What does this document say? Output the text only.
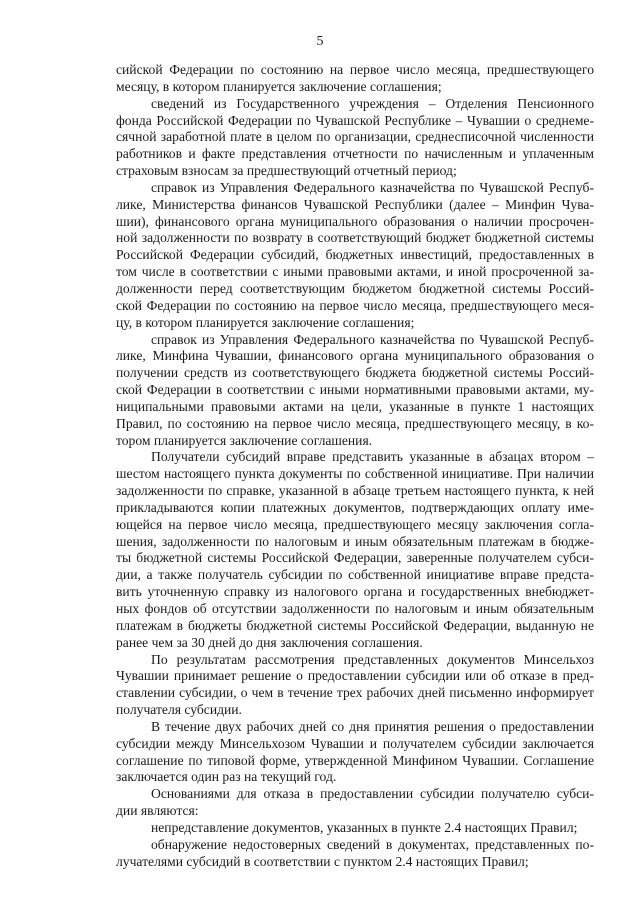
5
сийской Федерации по состоянию на первое число месяца, предшествующего
месяцу, в котором планируется заключение соглашения;
сведений из Государственного учреждения – Отделения Пенсионного
фонда Российской Федерации по Чувашской Республике – Чувашии о среднеме-
сячной заработной плате в целом по организации, среднесписочной численности
работников и факте представления отчетности по начисленным и уплаченным
страховым взносам за предшествующий отчетный период;
справок из Управления Федерального казначейства по Чувашской Респуб-
лике, Министерства финансов Чувашской Республики (далее – Минфин Чува-
шии), финансового органа муниципального образования о наличии просрочен-
ной задолженности по возврату в соответствующий бюджет бюджетной системы
Российской Федерации субсидий, бюджетных инвестиций, предоставленных в
том числе в соответствии с иными правовыми актами, и иной просроченной за-
долженности перед соответствующим бюджетом бюджетной системы Россий-
ской Федерации по состоянию на первое число месяца, предшествующего меся-
цу, в котором планируется заключение соглашения;
справок из Управления Федерального казначейства по Чувашской Респуб-
лике, Минфина Чувашии, финансового органа муниципального образования о
получении средств из соответствующего бюджета бюджетной системы Россий-
ской Федерации в соответствии с иными нормативными правовыми актами, му-
ниципальными правовыми актами на цели, указанные в пункте 1 настоящих
Правил, по состоянию на первое число месяца, предшествующего месяцу, в ко-
тором планируется заключение соглашения.
Получатели субсидий вправе представить указанные в абзацах втором –
шестом настоящего пункта документы по собственной инициативе. При наличии
задолженности по справке, указанной в абзаце третьем настоящего пункта, к ней
прикладываются копии платежных документов, подтверждающих оплату име-
ющейся на первое число месяца, предшествующего месяцу заключения согла-
шения, задолженности по налоговым и иным обязательным платежам в бюдже-
ты бюджетной системы Российской Федерации, заверенные получателем субси-
дии, а также получатель субсидии по собственной инициативе вправе предста-
вить уточненную справку из налогового органа и государственных внебюджет-
ных фондов об отсутствии задолженности по налоговым и иным обязательным
платежам в бюджеты бюджетной системы Российской Федерации, выданную не
ранее чем за 30 дней до дня заключения соглашения.
По результатам рассмотрения представленных документов Минсельхоз
Чувашии принимает решение о предоставлении субсидии или об отказе в пред-
ставлении субсидии, о чем в течение трех рабочих дней письменно информирует
получателя субсидии.
В течение двух рабочих дней со дня принятия решения о предоставлении
субсидии между Минсельхозом Чувашии и получателем субсидии заключается
соглашение по типовой форме, утвержденной Минфином Чувашии. Соглашение
заключается один раз на текущий год.
Основаниями для отказа в предоставлении субсидии получателю субси-
дии являются:
непредставление документов, указанных в пункте 2.4 настоящих Правил;
обнаружение недостоверных сведений в документах, представленных по-
лучателями субсидий в соответствии с пунктом 2.4 настоящих Правил;
